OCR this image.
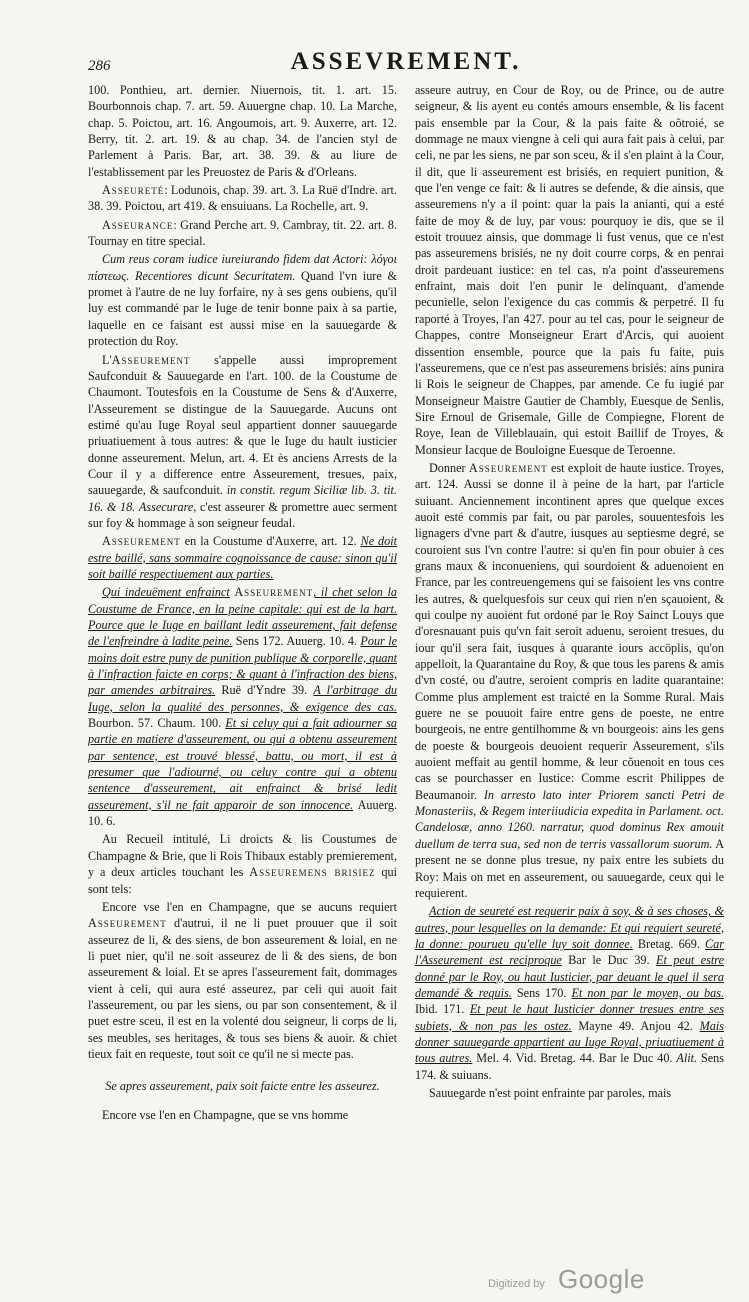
286	ASSEVREMENT.

100. Ponthieu, art. dernier. Niuernois, tit. 1. art. 15. Bourbonnois chap. 7. art. 59. Auuergne chap. 10. La Marche, chap. 5. Poictou, art. 16. Angoumois, art. 9. Auxerre, art. 12. Berry, tit. 2. art. 19. & au chap. 34. de l'ancien styl de Parlement à Paris. Bar, art. 38. 39. & au liure de l'establissement par les Preuostez de Paris & d'Orleans.

Asseureté: Lodunois, chap. 39. art. 3. La Ruë d'Indre. art. 38. 39. Poictou, art 419. & ensuiuans. La Rochelle, art. 9.

Asseurance: Grand Perche art. 9. Cambray, tit. 22. art. 8. Tournay en titre special.

Cum reus coram iudice iureiurando fidem dat Actori: λόγοι πίστεως. Recentiores dicunt Securitatem. Quand l'vn iure & promet à l'autre de ne luy forfaire, ny à ses gens oubiens, qu'il luy est commandé par le Iuge de tenir bonne paix à sa partie, laquelle en ce faisant est aussi mise en la sauuegarde & protection du Roy.

L'Asseurement s'appelle aussi improprement Saufconduit & Sauuegarde en l'art. 100. de la Coustume de Chaumont. Toutesfois en la Coustume de Sens & d'Auxerre, l'Asseurement se distingue de la Sauuegarde. Aucuns ont estimé qu'au Iuge Royal seul appartient donner sauuegarde priuatiuement à tous autres: & que le Iuge du hault iusticier donne asseurement. Melun, art. 4. Et ès anciens Arrests de la Cour il y a difference entre Asseurement, tresues, paix, sauuegarde, & saufconduit. in constit. regum Siciliæ lib. 3. tit. 16. & 18. Assecurare, c'est asseurer & promettre auec serment sur foy & hommage à son seigneur feudal.

Asseurement en la Coustume d'Auxerre, art. 12. Ne doit estre baillé, sans sommaire cognoissance de cause: sinon qu'il soit baillé respectiuement aux parties.

Qui indeuëment enfrainct Asseurement, il chet selon la Coustume de France, en la peine capitale: qui est de la hart. Pource que le Iuge en baillant ledit asseurement, fait defense de l'enfreindre à ladite peine. Sens 172. Auuerg. 10. 4. Pour le moins doit estre puny de punition publique & corporelle, quant à l'infraction faicte en corps; & quant à l'infraction des biens, par amendes arbitraires. Ruë d'Yndre 39. A l'arbitrage du Iuge, selon la qualité des personnes, & exigence des cas. Bourbon. 57. Chaum. 100. Et si celuy qui a fait adiourner sa partie en matiere d'asseurement, ou qui a obtenu asseurement par sentence, est trouvé blessé, battu, ou mort, il est à presumer que l'adiourné, ou celuy contre qui a obtenu sentence d'asseurement, ait enfrainct & brisé ledit asseurement, s'il ne fait apparoir de son innocence. Auuerg. 10. 6.

Au Recueil intitulé, Li droicts & lis Coustumes de Champagne & Brie, que li Rois Thibaux estably premierement, y a deux articles touchant les Asseuremens brisiez qui sont tels:

Encore vse l'en en Champagne, que se aucuns requiert Asseurement d'autrui, il ne li puet prouuer que il soit asseurez de li, & des siens, de bon asseurement & loial, en ne li puet nier, qu'il ne soit asseurez de li & des siens, de bon asseurement & loial. Et se apres l'asseurement fait, dommages vient à celi, qui aura esté asseurez, par celi qui auoit fait l'asseurement, ou par les siens, ou par son consentement, & il puet estre sceu, il est en la volenté dou seigneur, li corps de li, ses meubles, ses heritages, & tous ses biens & auoir. & chiet tieux fait en requeste, tout soit ce qu'il ne si mecte pas.

Se apres asseurement, paix soit faicte entre les asseurez.

Encore vse l'en en Champagne, que se vns homme

asseure autruy, en Cour de Roy, ou de Prince, ou de autre seigneur, & lis ayent eu contés amours ensemble, & lis facent pais ensemble par la Cour, & la pais faite & oôtroié, se dommage ne maux viengne à celi qui aura fait pais à celui, par celi, ne par les siens, ne par son sceu, & il s'en plaint à la Cour, il dit, que li asseurement est brisiés, en requiert punition, & que l'en venge ce fait: & li autres se defende, & die ainsis, que asseuremens n'y a il point: quar la pais la anianti, qui a esté faite de moy & de luy, par vous: pourquoy ie dis, que se il estoit trouuez ainsis, que dommage li fust venus, que ce n'est pas asseuremens brisiés, ne ny doit courre corps, & en penrai droit pardeuant iustice: en tel cas, n'a point d'asseuremens enfraint, mais doit l'en punir le delinquant, d'amende pecunielle, selon l'exigence du cas commis & perpetré. Il fu raporté à Troyes, l'an 427. pour au tel cas, pour le seigneur de Chappes, contre Monseigneur Erart d'Arcis, qui auoient dissention ensemble, pource que la pais fu faite, puis l'asseuremens, que ce n'est pas asseuremens brisiés: ains punira li Rois le seigneur de Chappes, par amende. Ce fu iugié par Monseigneur Maistre Gautier de Chambly, Euesque de Senlis, Sire Ernoul de Grisemale, Gille de Compiegne, Florent de Roye, Iean de Villeblauain, qui estoit Baillif de Troyes, & Monsieur Iacque de Bouloigne Euesque de Teroenne.

Donner Asseurement est exploit de haute iustice. Troyes, art. 124. Aussi se donne il à peine de la hart, par l'article suiuant. Anciennement incontinent apres que quelque exces auoit esté commis par fait, ou par paroles, souuentesfois les lignagers d'vne part & d'autre, iusques au septiesme degré, se couroient sus l'vn contre l'autre: si qu'en fin pour obuier à ces grans maux & inconueniens, qui sourdoient & aduenoient en France, par les contreuengemens qui se faisoient les vns contre les autres, & quelquesfois sur ceux qui rien n'en sçauoient, & qui coulpe ny auoient fut ordoné par le Roy Sainct Louys que d'oresnauant puis qu'vn fait seroit aduenu, seroient tresues, du iour qu'il sera fait, iusques à quarante iours accöplis, qu'on appelloit, la Quarantaine du Roy, & que tous les parens & amis d'vn costé, ou d'autre, seroient compris en ladite quarantaine: Comme plus amplement est traicté en la Somme Rural. Mais guere ne se pouuoit faire entre gens de poeste, ne entre bourgeois, ne entre gentilhomme & vn bourgeois: ains les gens de poeste & bourgeois deuoient requerir Asseurement, s'ils auoient meffait au gentil homme, & leur cõuenoit en tous ces cas se pourchasser en Iustice: Comme escrit Philippes de Beaumanoir. In arresto lato inter Priorem sancti Petri de Monasteriis, & Regem interiiudicia expedita in Parlament. oct. Candelosæ, anno 1260. narratur, quod dominus Rex amouit duellum de terra sua, sed non de terris vassallorum suorum. A present ne se donne plus tresue, ny paix entre les subiets du Roy: Mais on met en asseurement, ou sauuegarde, ceux qui le requierent.

Action de seureté est requerir paix à soy, & à ses choses, & autres, pour lesquelles on la demande: Et qui requiert seureté, la donne: pourueu qu'elle luy soit donnee. Bretag. 669. Car l'Asseurement est reciproque Bar le Duc 39. Et peut estre donné par le Roy, ou haut Iusticier, par deuant le quel il sera demandé & requis. Sens 170. Et non par le moyen, ou bas. Ibid. 171. Et peut le haut Iusticier donner tresues entre ses subiets, & non pas les ostez. Mayne 49. Anjou 42. Mais donner sauuegarde appartient au Iuge Royal, priuatiuement à tous autres. Mel. 4. Vid. Bretag. 44. Bar le Duc 40. Alit. Sens 174. & suiuans.

Sauuegarde n'est point enfrainte par paroles, mais

Digitized by Google
